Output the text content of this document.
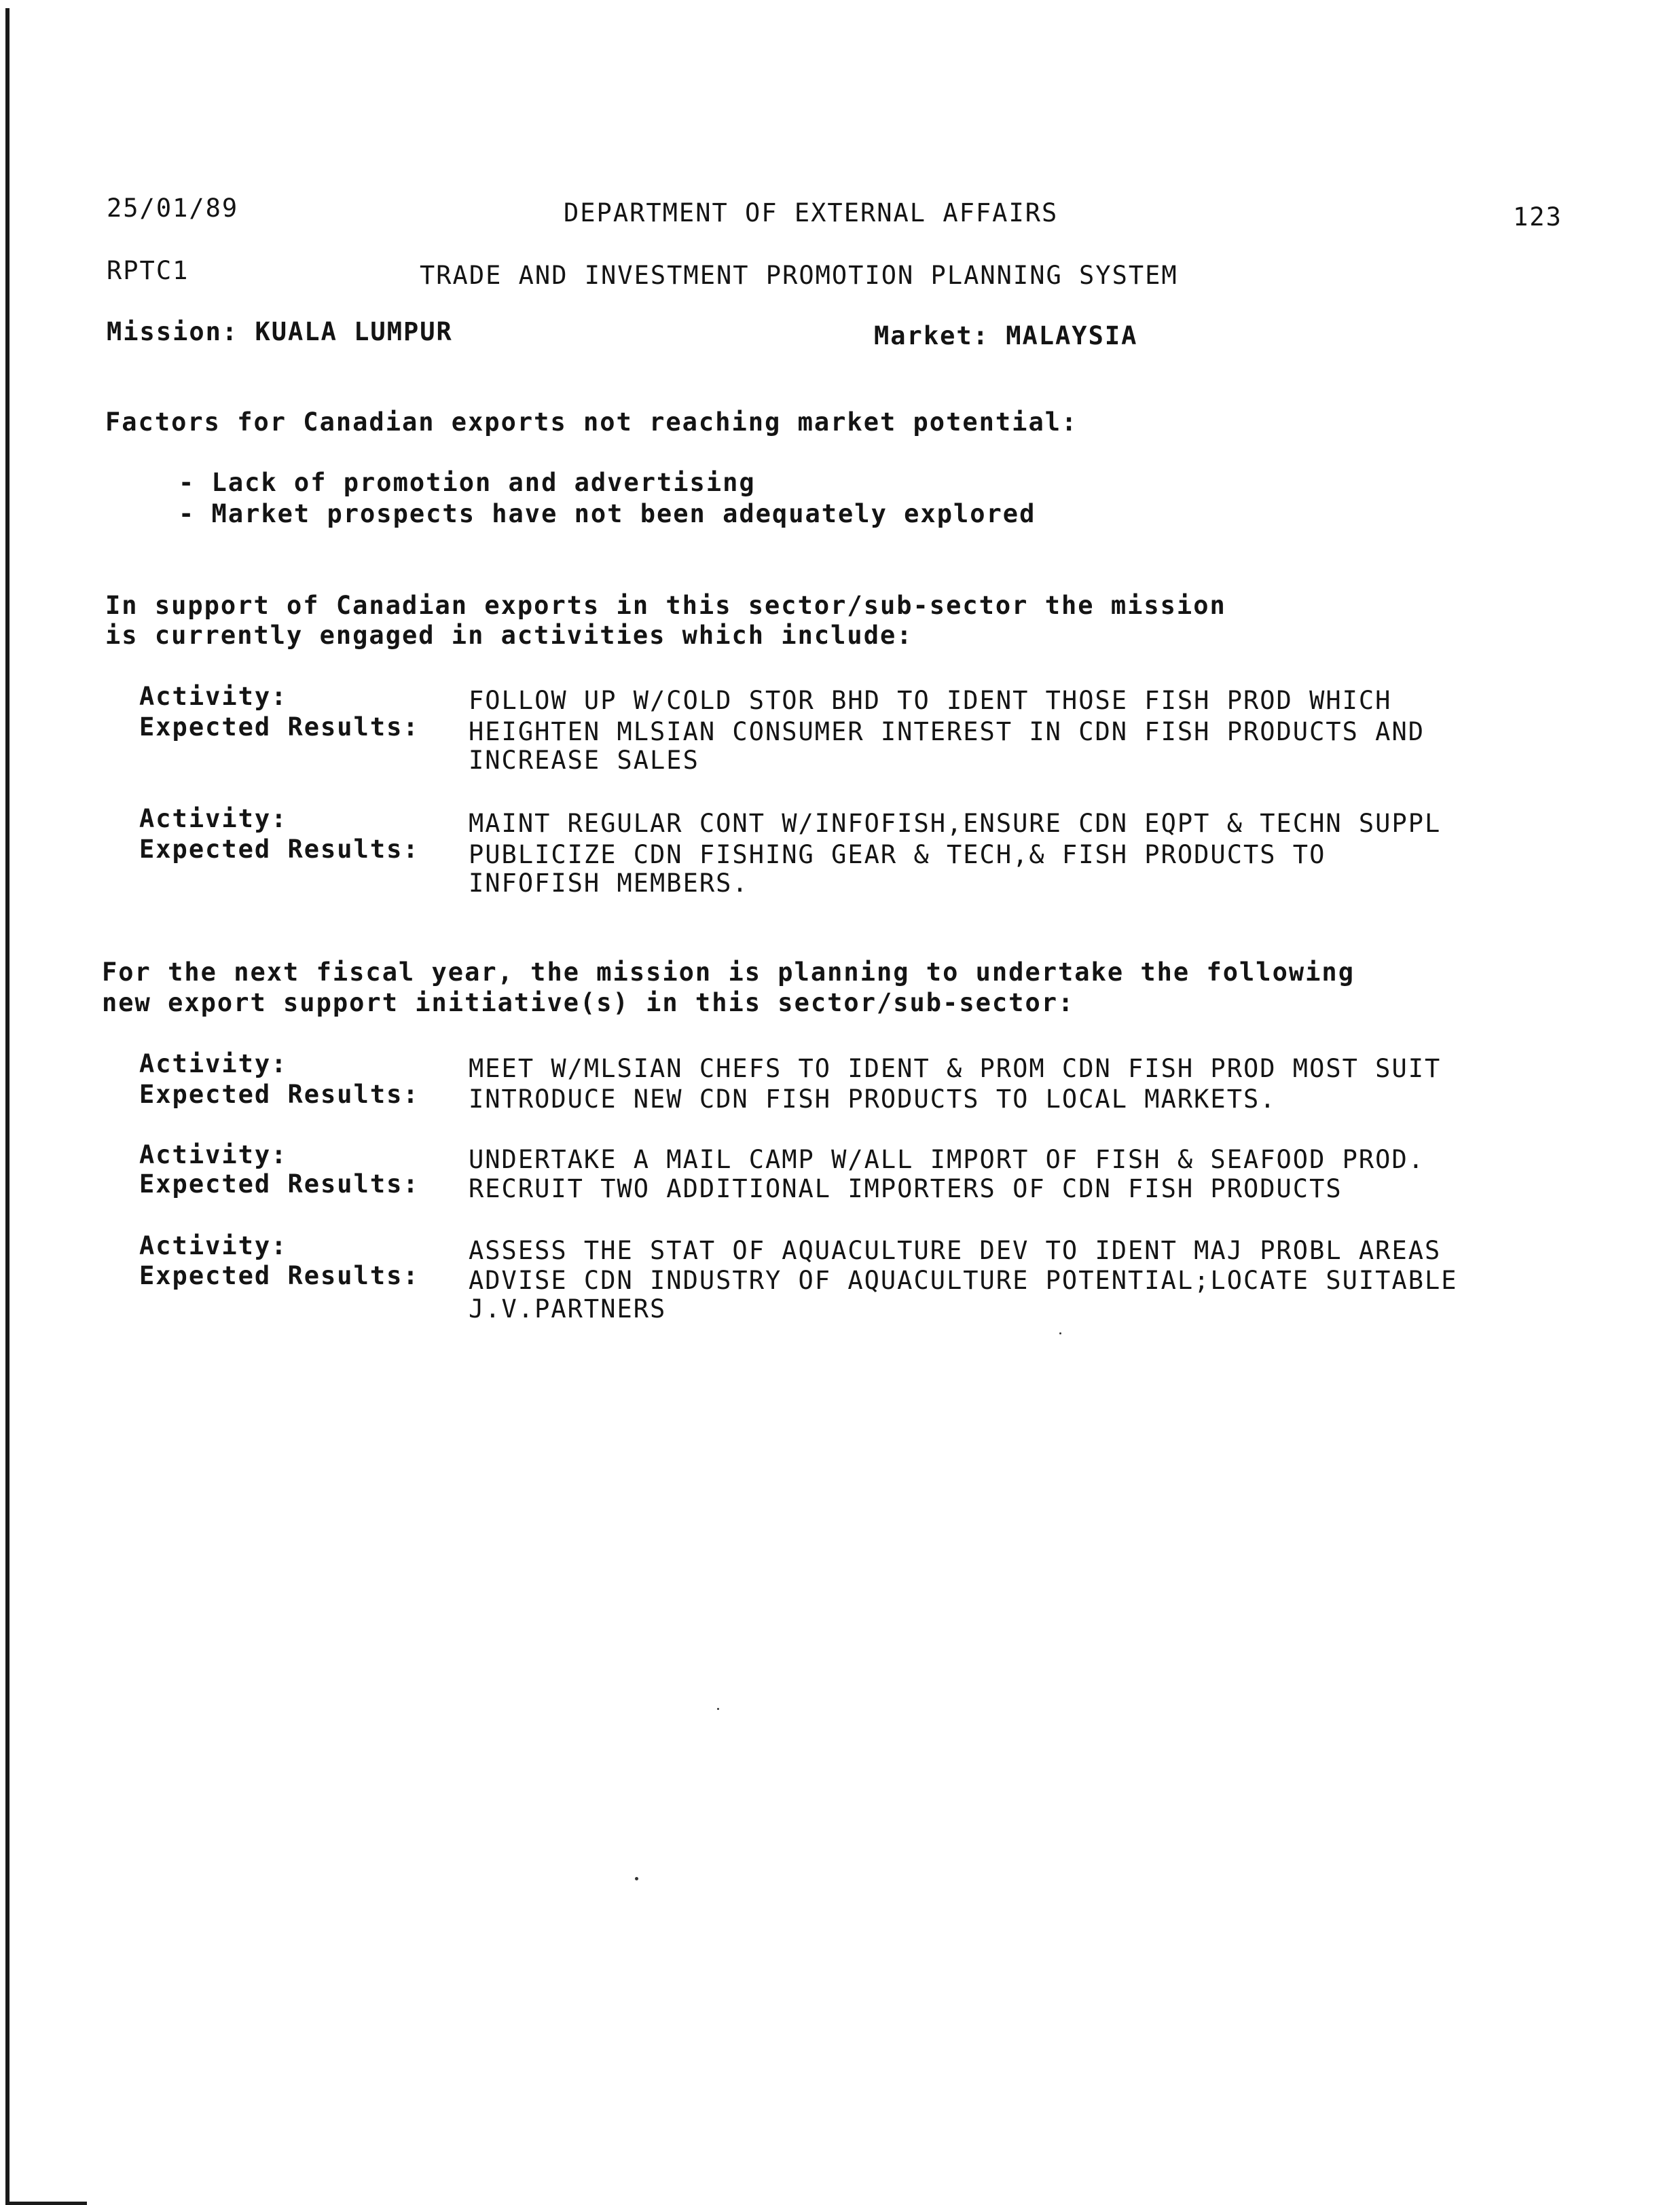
25/01/89	DEPARTMENT OF EXTERNAL AFFAIRS	123
RPTC1	TRADE AND INVESTMENT PROMOTION PLANNING SYSTEM
Mission: KUALA LUMPUR	Market: MALAYSIA
Factors for Canadian exports not reaching market potential:
- Lack of promotion and advertising
- Market prospects have not been adequately explored
In support of Canadian exports in this sector/sub-sector the mission
is currently engaged in activities which include:
Activity:	FOLLOW UP W/COLD STOR BHD TO IDENT THOSE FISH PROD WHICH
Expected Results: HEIGHTEN MLSIAN CONSUMER INTEREST IN CDN FISH PRODUCTS AND
INCREASE SALES
Activity:	MAINT REGULAR CONT W/INFOFISH,ENSURE CDN EQPT & TECHN SUPPL
Expected Results: PUBLICIZE CDN FISHING GEAR & TECH,& FISH PRODUCTS TO
INFOFISH MEMBERS.
For the next fiscal year, the mission is planning to undertake the following
new export support initiative(s) in this sector/sub-sector:
Activity:	MEET W/MLSIAN CHEFS TO IDENT & PROM CDN FISH PROD MOST SUIT
Expected Results: INTRODUCE NEW CDN FISH PRODUCTS TO LOCAL MARKETS.
Activity:	UNDERTAKE A MAIL CAMP W/ALL IMPORT OF FISH & SEAFOOD PROD.
Expected Results: RECRUIT TWO ADDITIONAL IMPORTERS OF CDN FISH PRODUCTS
Activity:	ASSESS THE STAT OF AQUACULTURE DEV TO IDENT MAJ PROBL AREAS
Expected Results: ADVISE CDN INDUSTRY OF AQUACULTURE POTENTIAL;LOCATE SUITABLE
J.V.PARTNERS
